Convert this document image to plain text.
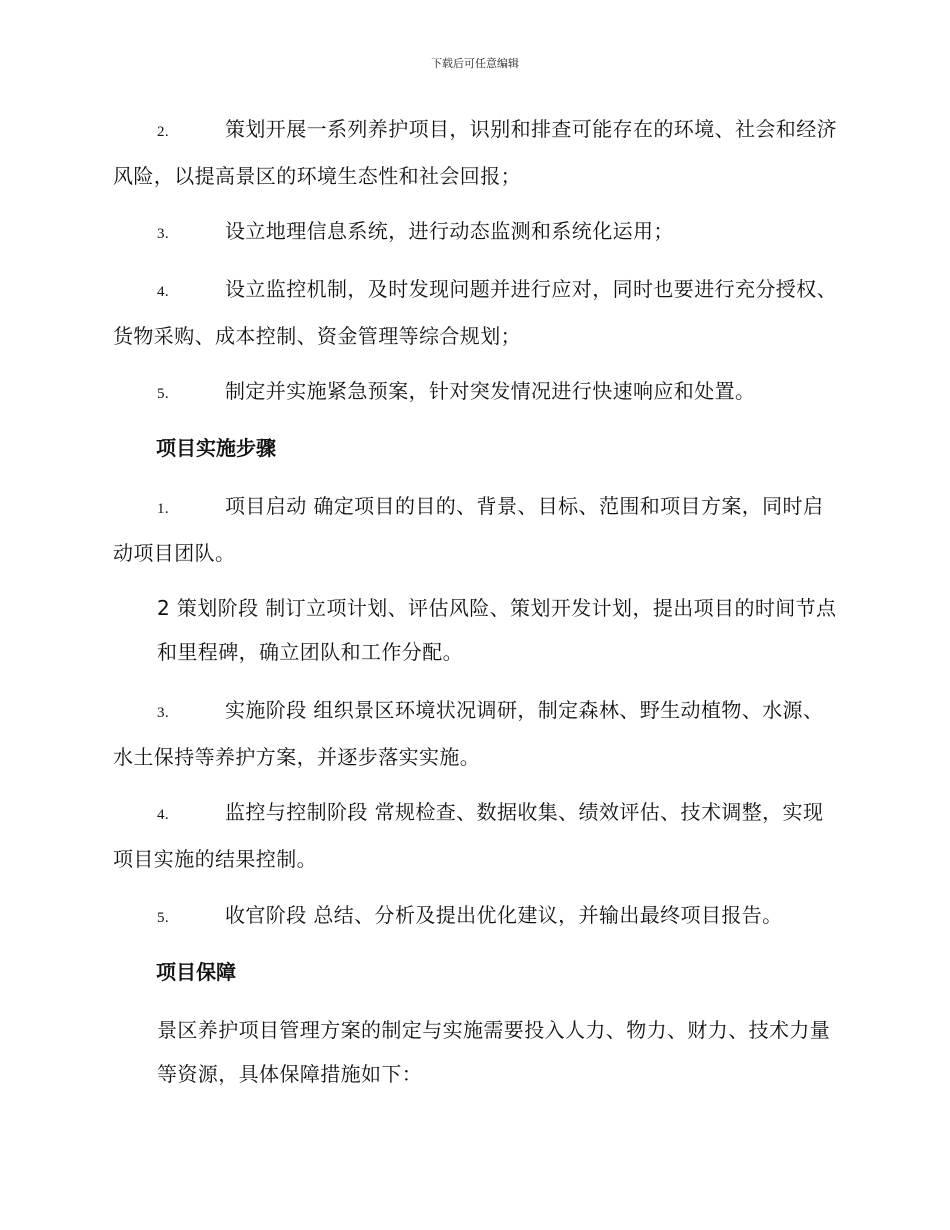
下载后可任意编辑
2.	策划开展一系列养护项目，识别和排查可能存在的环境、社会和经济风险，以提高景区的环境生态性和社会回报；
3.	设立地理信息系统，进行动态监测和系统化运用；
4.	设立监控机制，及时发现问题并进行应对，同时也要进行充分授权、货物采购、成本控制、资金管理等综合规划；
5.	制定并实施紧急预案，针对突发情况进行快速响应和处置。
项目实施步骤
1.	项目启动 确定项目的目的、背景、目标、范围和项目方案，同时启动项目团队。
2 策划阶段 制订立项计划、评估风险、策划开发计划，提出项目的时间节点和里程碑，确立团队和工作分配。
3.	实施阶段 组织景区环境状况调研，制定森林、野生动植物、水源、水土保持等养护方案，并逐步落实实施。
4.	监控与控制阶段 常规检查、数据收集、绩效评估、技术调整，实现项目实施的结果控制。
5.	收官阶段 总结、分析及提出优化建议，并输出最终项目报告。
项目保障
景区养护项目管理方案的制定与实施需要投入人力、物力、财力、技术力量等资源，具体保障措施如下：
